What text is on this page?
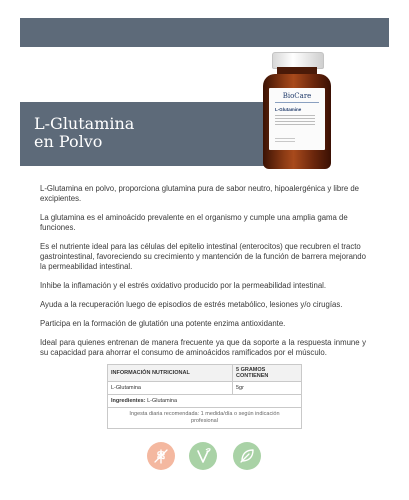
L-Glutamina
en Polvo
BioCare
L-Glutamine

L-Glutamina en polvo, proporciona glutamina pura de sabor neutro, hipoalergénica y libre de excipientes.

La glutamina es el aminoácido prevalente en el organismo y cumple una amplia gama de funciones.

Es el nutriente ideal para las células del epitelio intestinal (enterocitos) que recubren el tracto gastrointestinal, favoreciendo su crecimiento y mantención de la función de barrera mejorando la permeabilidad intestinal.

Inhibe la inflamación y el estrés oxidativo producido por la permeabilidad intestinal.

Ayuda a la recuperación luego de episodios de estrés metabólico, lesiones y/o cirugías.

Participa en la formación de glutatión una potente enzima antioxidante.

Ideal para quienes entrenan de manera frecuente ya que da soporte a la respuesta inmune y su capacidad para ahorrar el consumo de aminoácidos ramificados por el músculo.

INFORMACIÓN NUTRICIONAL	5 GRAMOS CONTIENEN
L-Glutamina	5gr
Ingredientes: L-Glutamina	
Ingesta diaria recomendada: 1 medida/día o según indicación profesional	
